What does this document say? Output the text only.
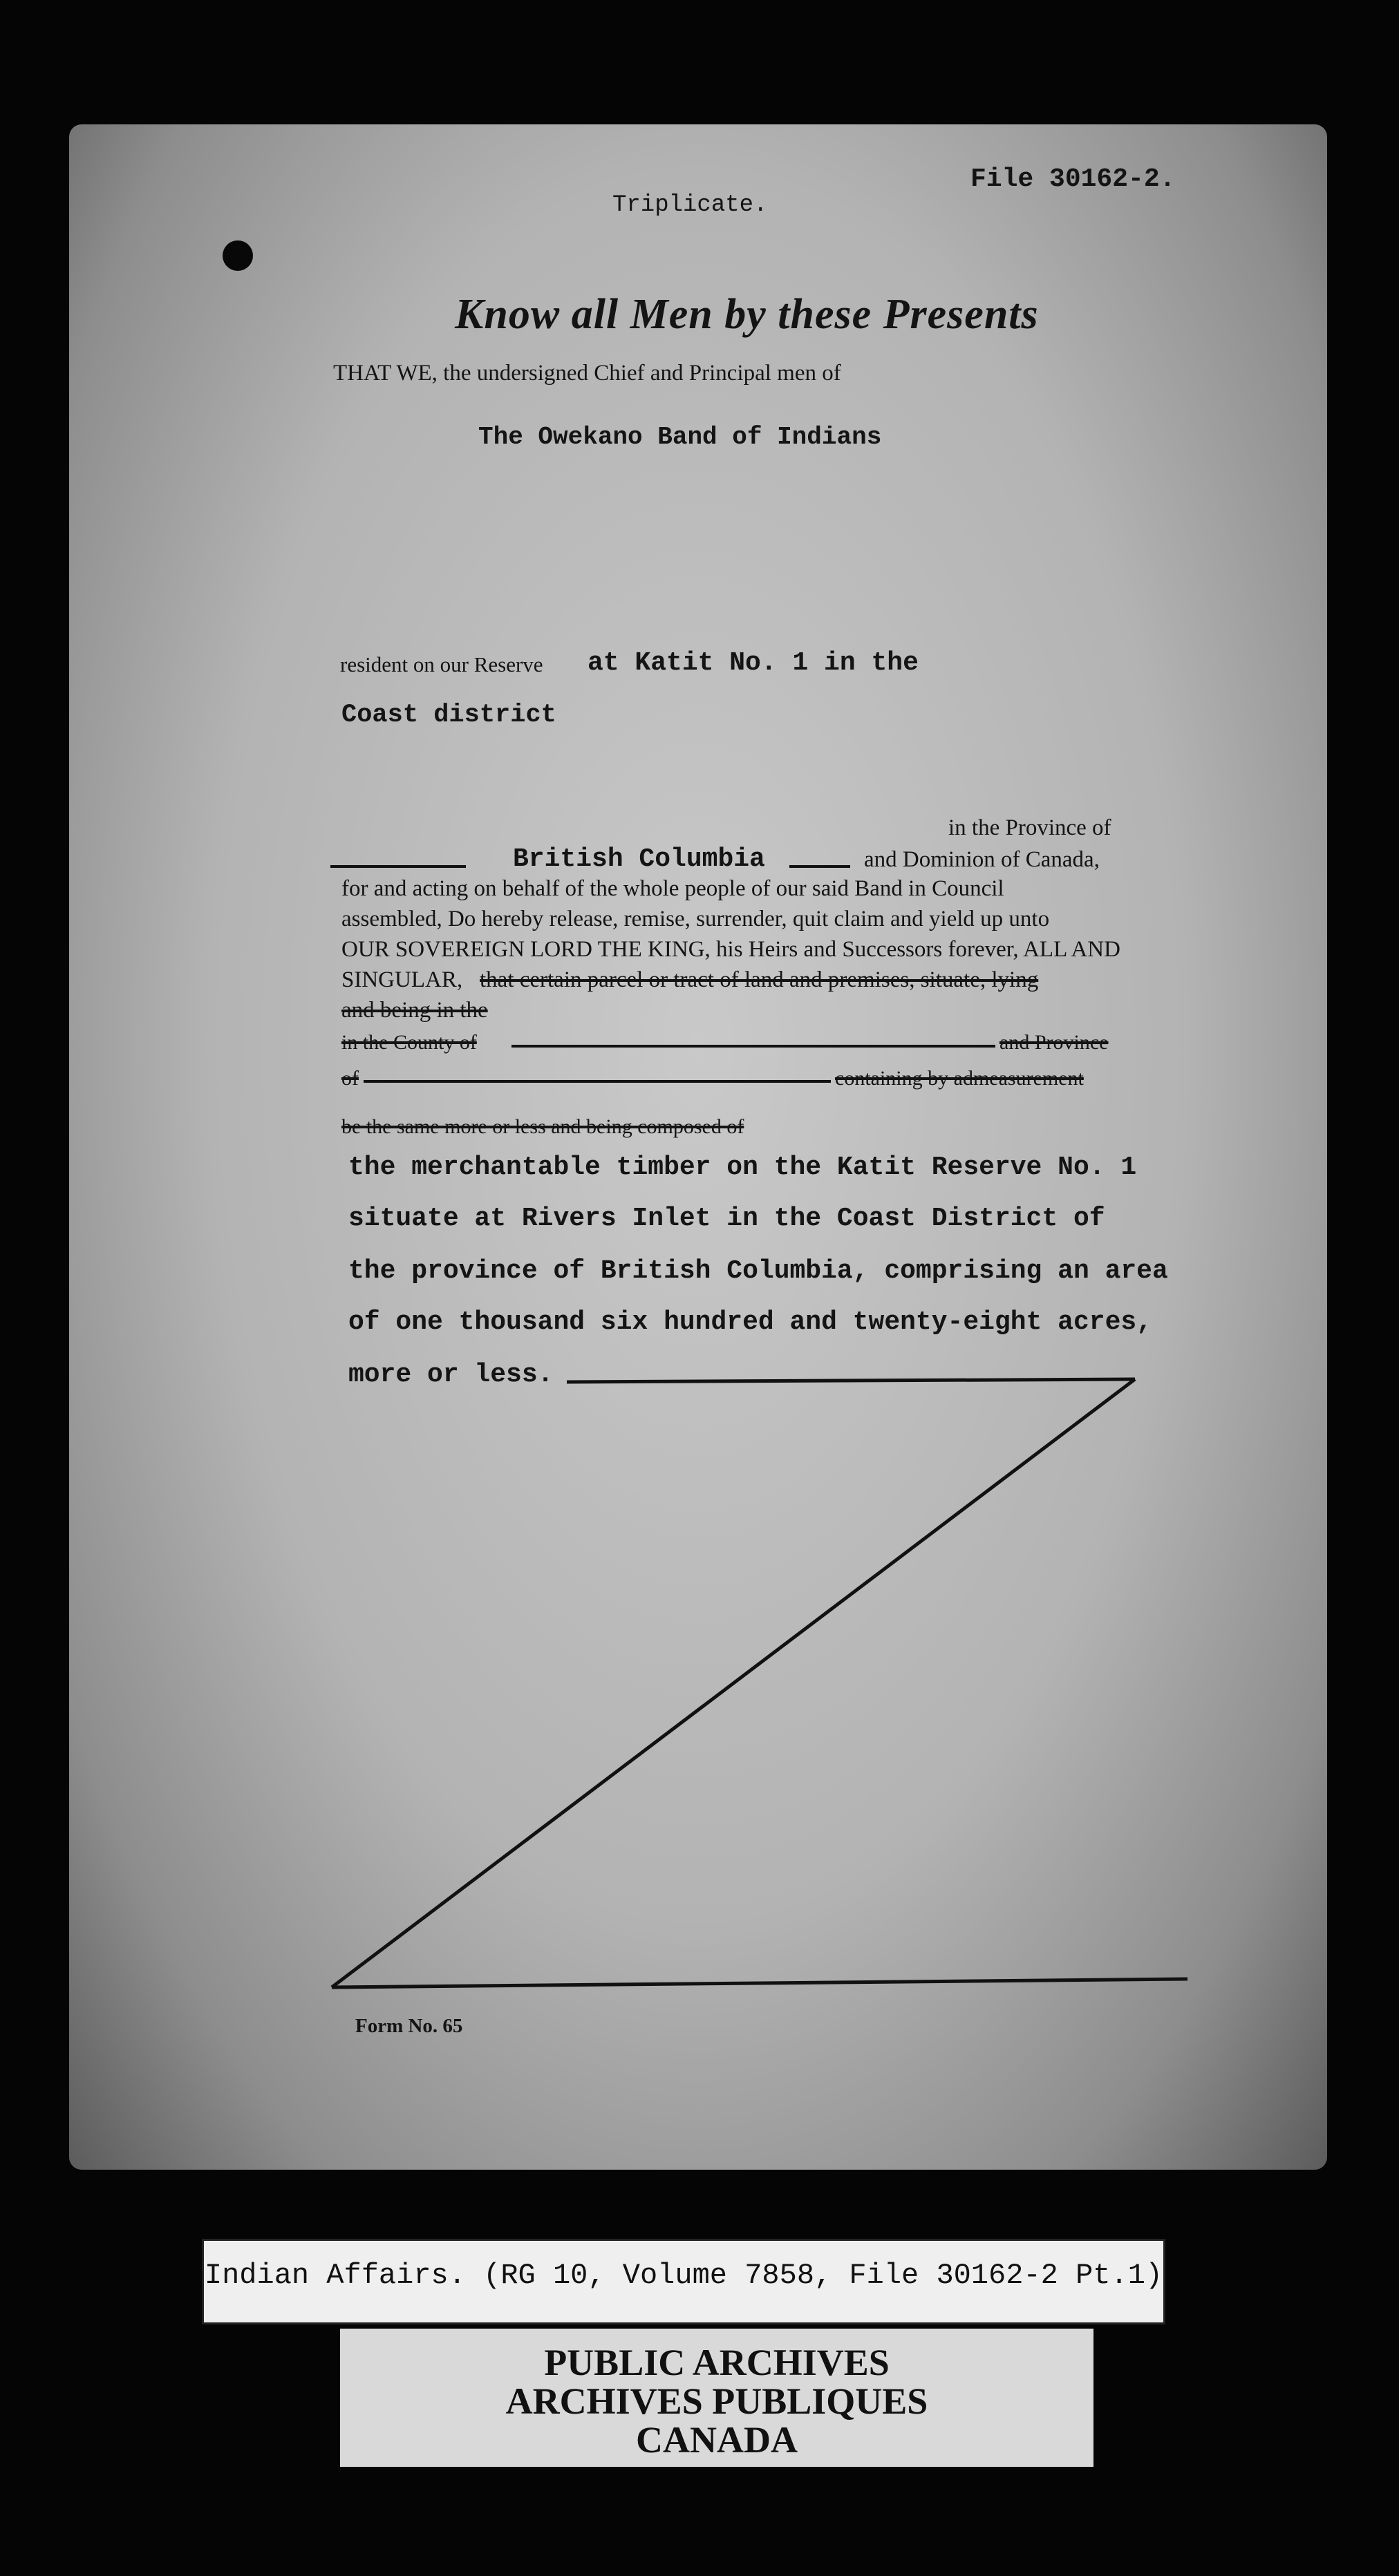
File 30162-2.
Triplicate.
Know all Men by these Presents
THAT WE, the undersigned Chief and Principal men of
The Owekano Band of Indians
resident on our Reserve at Katit No. 1 in the
Coast district
in the Province of
British Columbia	and Dominion of Canada,
for and acting on behalf of the whole people of our said Band in Council
assembled, Do hereby release, remise, surrender, quit claim and yield up unto
OUR SOVEREIGN LORD THE KING, his Heirs and Successors forever, ALL AND
SINGULAR, that certain parcel or tract of land and premises, situate, lying
and being in the
in the County of	and Province
of	containing by admeasurement
be the same more or less and being composed of
the merchantable timber on the Katit Reserve No. 1
situate at Rivers Inlet in the Coast District of
the province of British Columbia, comprising an area
of one thousand six hundred and twenty-eight acres,
more or less.
Form No. 65
Indian Affairs. (RG 10, Volume 7858, File 30162-2 Pt.1)
PUBLIC ARCHIVES
ARCHIVES PUBLIQUES
CANADA
